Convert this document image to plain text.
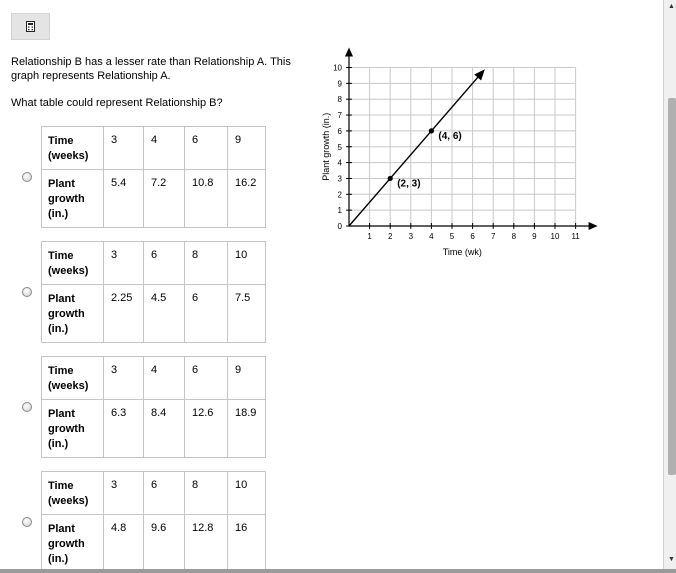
Relationship B has a lesser rate than Relationship A. This graph represents Relationship A.
What table could represent Relationship B?
Time (weeks)	3	4	6	9
Plant growth (in.)	5.4	7.2	10.8	16.2
Time (weeks)	3	6	8	10
Plant growth (in.)	2.25	4.5	6	7.5
Time (weeks)	3	4	6	9
Plant growth (in.)	6.3	8.4	12.6	18.9
Time (weeks)	3	6	8	10
Plant growth (in.)	4.8	9.6	12.8	16
1 2 3 4 5 6 7 8 9 10 11
0
1
2
3
4
5
6
7
8
9
10
Time (wk)
Plant growth (in.)
(2, 3)
(4, 6)
▲
▼
